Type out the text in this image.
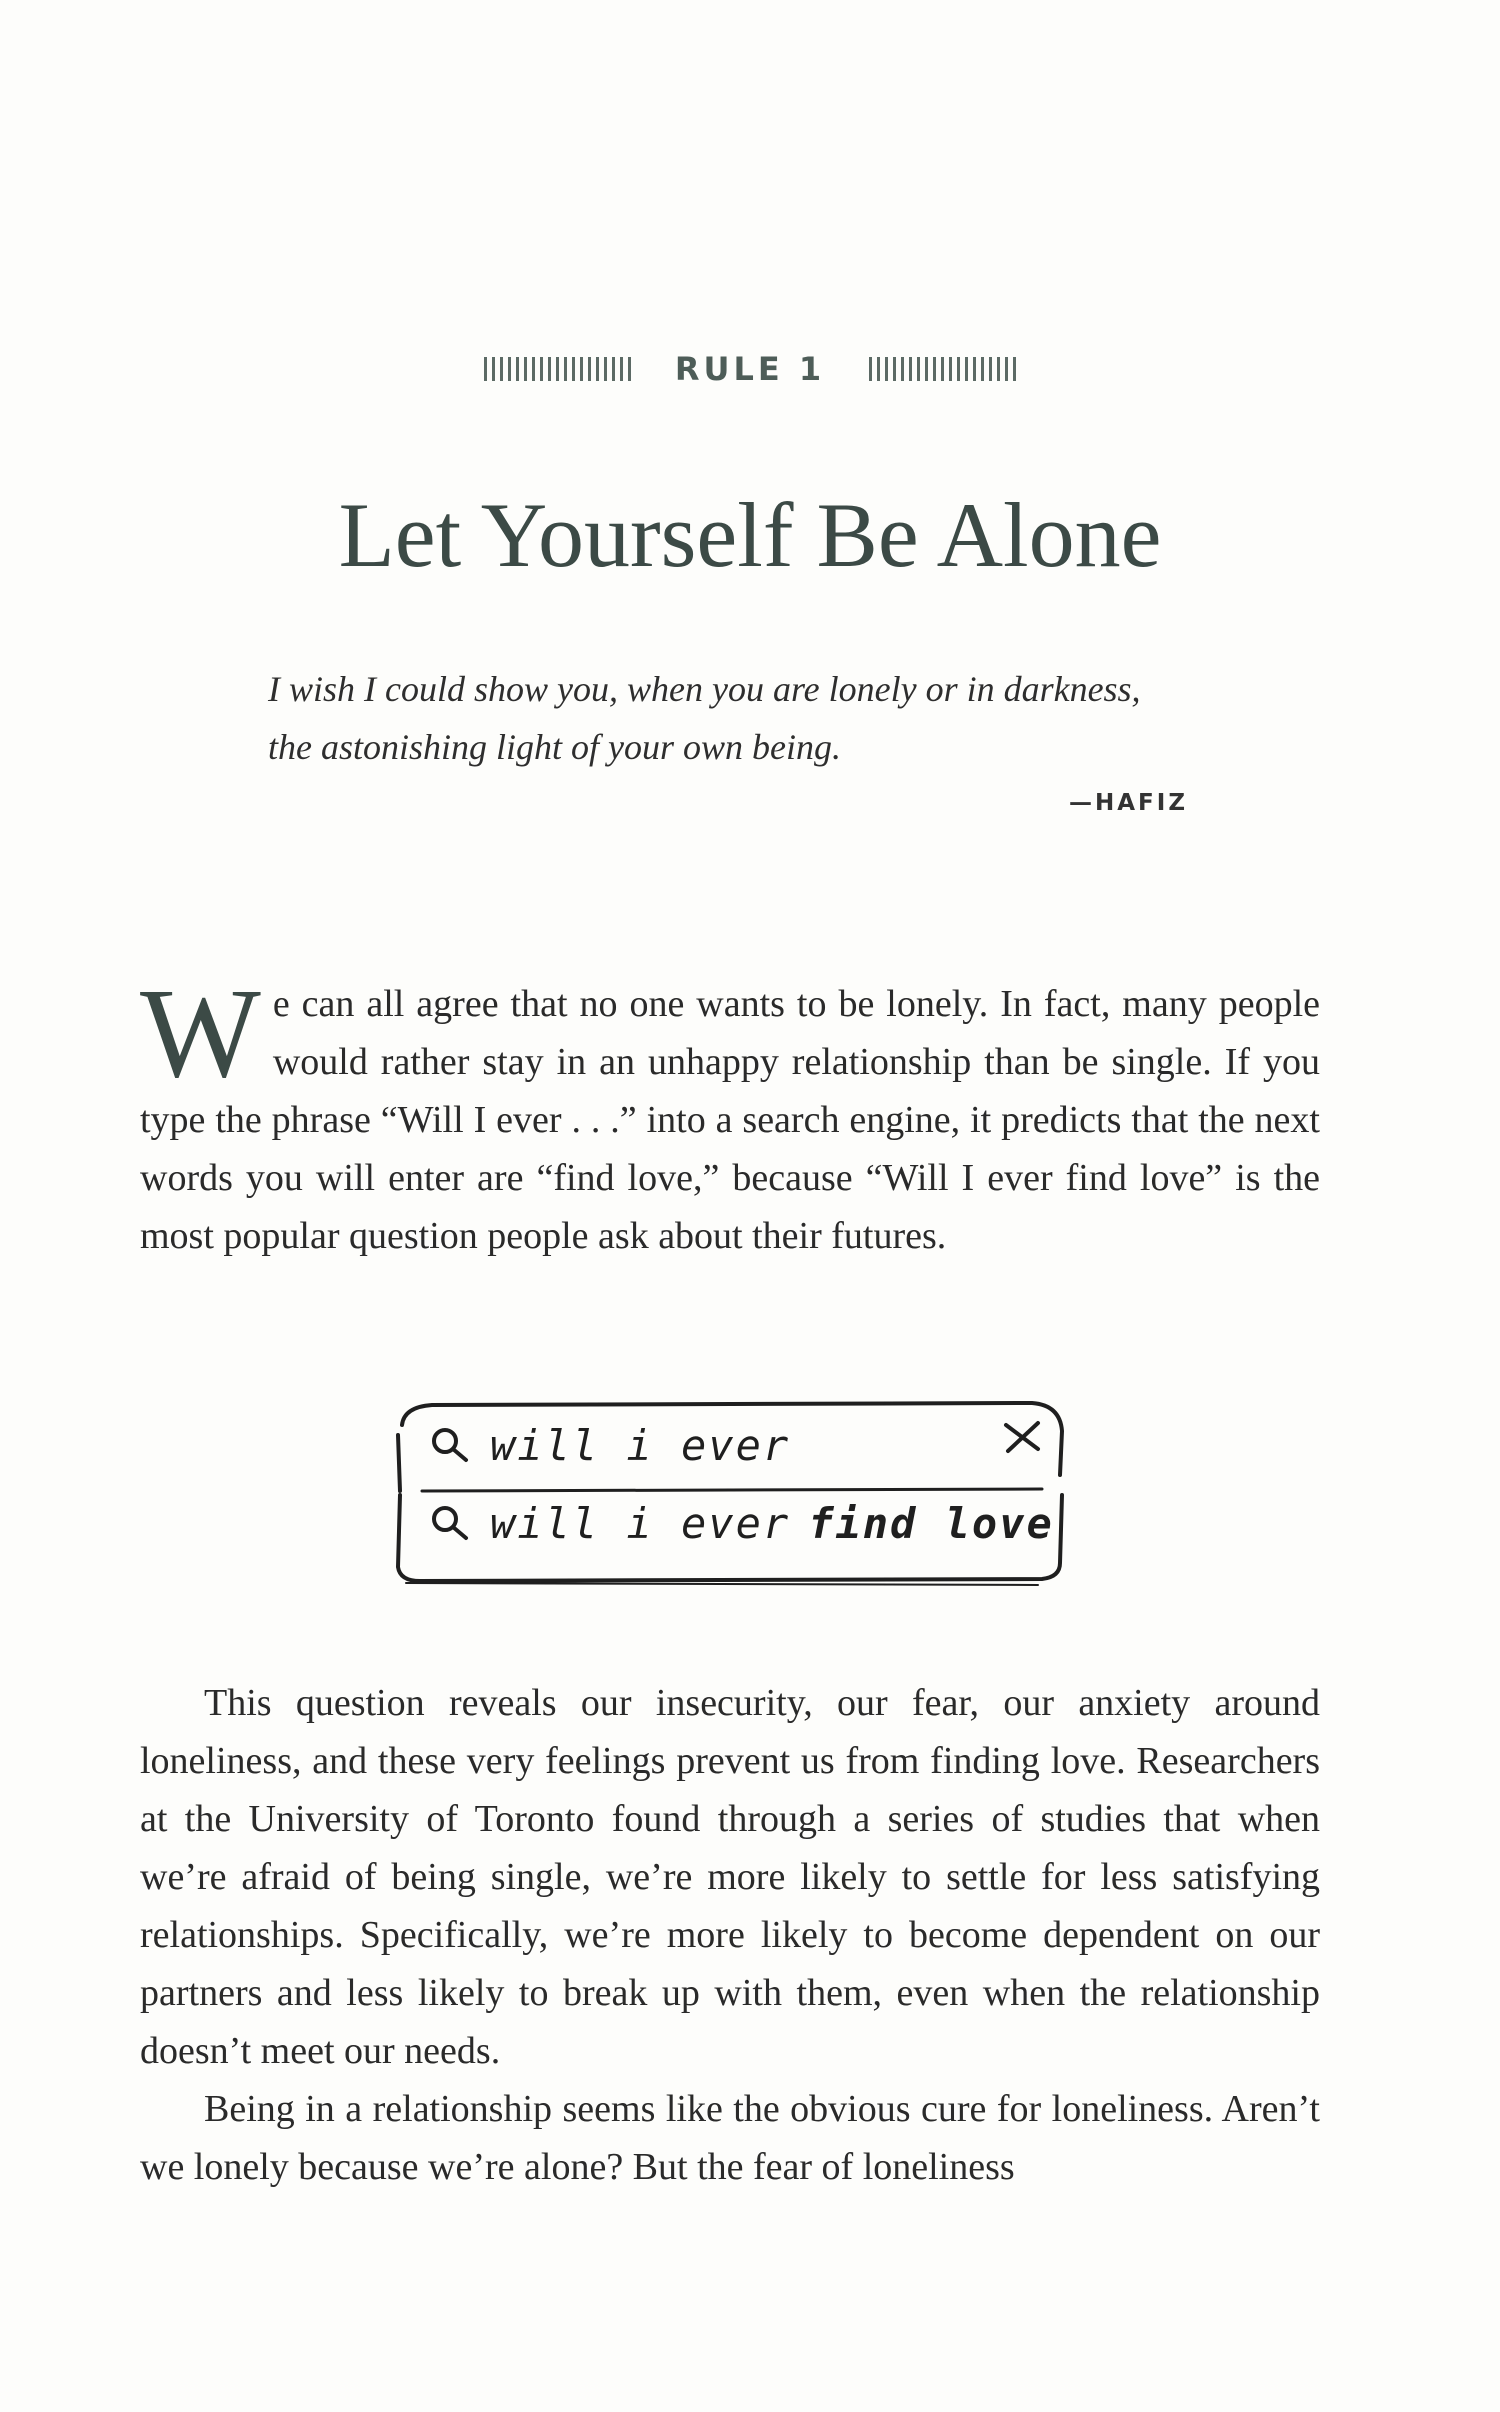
RULE 1
Let Yourself Be Alone
I wish I could show you, when you are lonely or in darkness, the astonishing light of your own being.
—HAFIZ

We can all agree that no one wants to be lonely. In fact, many people would rather stay in an unhappy relationship than be single. If you type the phrase “Will I ever . . .” into a search engine, it predicts that the next words you will enter are “find love,” because “Will I ever find love” is the most popular question people ask about their futures.

will i ever
will i ever find love

This question reveals our insecurity, our fear, our anxiety around loneliness, and these very feelings prevent us from finding love. Researchers at the University of Toronto found through a series of studies that when we’re afraid of being single, we’re more likely to settle for less satisfying relationships. Specifically, we’re more likely to become dependent on our partners and less likely to break up with them, even when the relationship doesn’t meet our needs.

Being in a relationship seems like the obvious cure for loneliness. Aren’t we lonely because we’re alone? But the fear of loneliness
